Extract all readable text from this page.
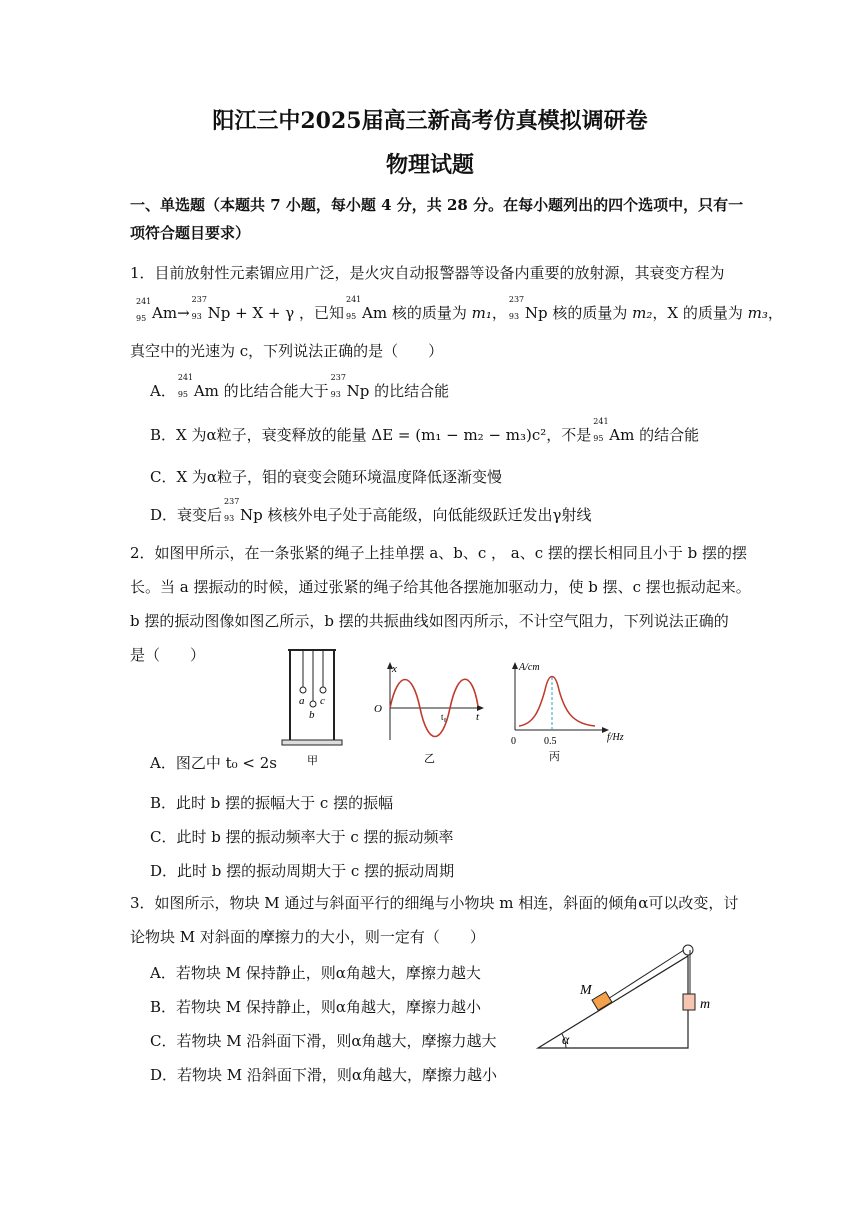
阳江三中2025届高三新高考仿真模拟调研卷
物理试题
一、单选题（本题共 7 小题，每小题 4 分，共 28 分。在每小题列出的四个选项中，只有一
项符合题目要求）
1．目前放射性元素镅应用广泛，是火灾自动报警器等设备内重要的放射源，其衰变方程为
241
95 Am→
237
93 Np + X + γ ，已知
241
95 Am 核的质量为 m₁，
237
93 Np 核的质量为 m₂，X 的质量为 m₃，
真空中的光速为 c，下列说法正确的是（　　）
A．
241
95 Am 的比结合能大于
237
93 Np 的比结合能
B．X 为α粒子，衰变释放的能量 ΔE = (m₁ − m₂ − m₃)c²，不是
241
95 Am 的结合能
C．X 为α粒子，钼的衰变会随环境温度降低逐渐变慢
D．衰变后
237
93 Np 核核外电子处于高能级，向低能级跃迁发出γ射线
2．如图甲所示，在一条张紧的绳子上挂单摆 a、b、c ， a、c 摆的摆长相同且小于 b 摆的摆
长。当 a 摆振动的时候，通过张紧的绳子给其他各摆施加驱动力，使 b 摆、c 摆也振动起来。
b 摆的振动图像如图乙所示，b 摆的共振曲线如图丙所示，不计空气阻力，下列说法正确的
是（　　）
a
b
c
甲
x
t
O
t₀
乙
A/cm
f/Hz
0	0.5
丙
A．图乙中 t₀ < 2s
B．此时 b 摆的振幅大于 c 摆的振幅
C．此时 b 摆的振动频率大于 c 摆的振动频率
D．此时 b 摆的振动周期大于 c 摆的振动周期
3．如图所示，物块 M 通过与斜面平行的细绳与小物块 m 相连，斜面的倾角α可以改变，讨
论物块 M 对斜面的摩擦力的大小，则一定有（　　）
A．若物块 M 保持静止，则α角越大，摩擦力越大
B．若物块 M 保持静止，则α角越大，摩擦力越小
C．若物块 M 沿斜面下滑，则α角越大，摩擦力越大
D．若物块 M 沿斜面下滑，则α角越大，摩擦力越小
M
m
α
